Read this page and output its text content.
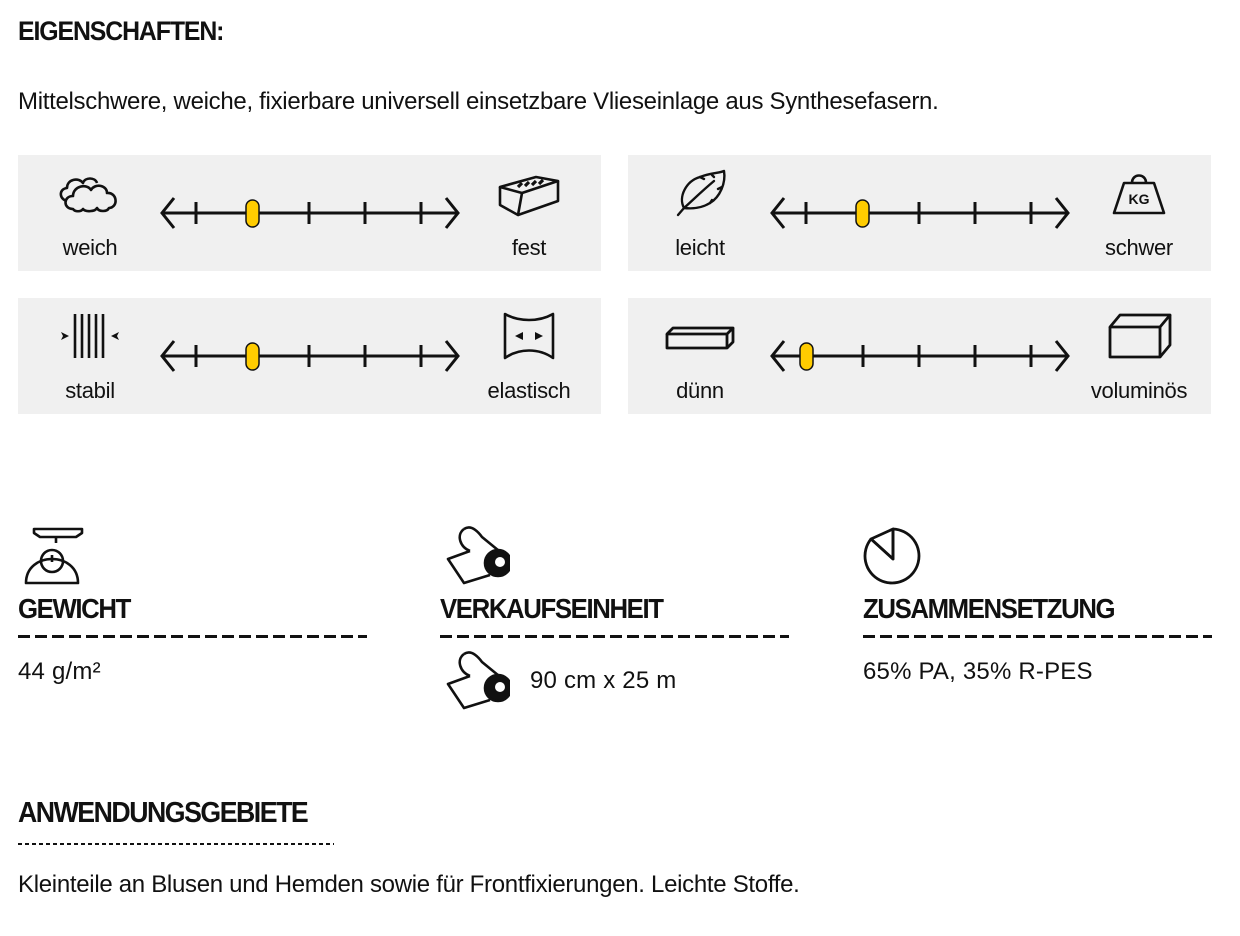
EIGENSCHAFTEN:
Mittelschwere, weiche, fixierbare universell einsetzbare Vlieseinlage aus Synthesefasern.
weich	fest	leicht
KG
schwer
stabil	elastisch	dünn	voluminös
GEWICHT
44 g/m²
VERKAUFSEINHEIT
90 cm x 25 m
ZUSAMMENSETZUNG
65% PA, 35% R-PES
ANWENDUNGSGEBIETE
Kleinteile an Blusen und Hemden sowie für Frontfixierungen. Leichte Stoffe.
